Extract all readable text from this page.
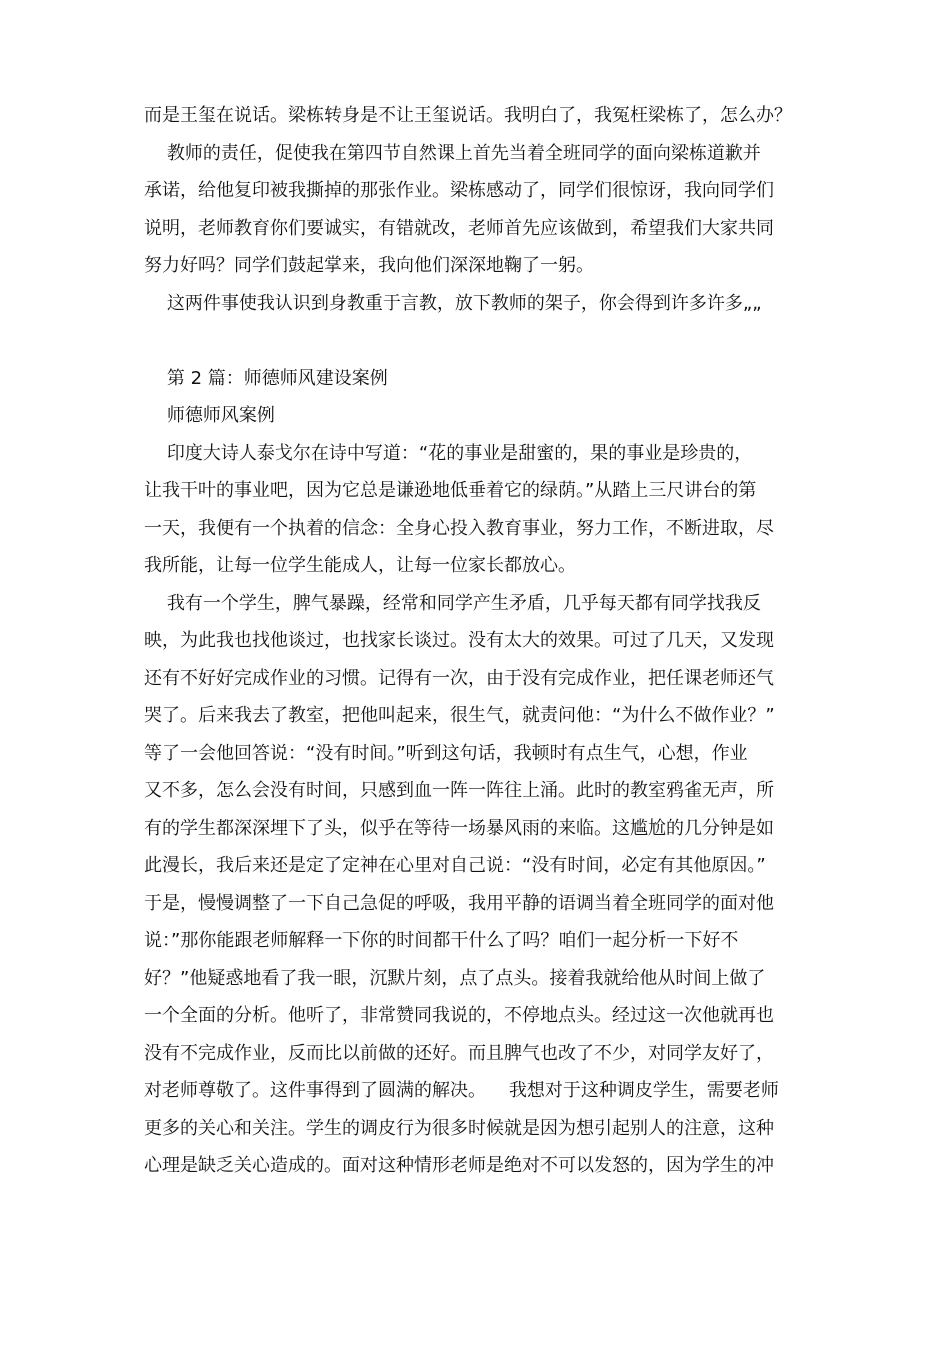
而是王玺在说话。梁栋转身是不让王玺说话。我明白了，我冤枉梁栋了，怎么办？
教师的责任，促使我在第四节自然课上首先当着全班同学的面向梁栋道歉并
承诺，给他复印被我撕掉的那张作业。梁栋感动了，同学们很惊讶，我向同学们
说明，老师教育你们要诚实，有错就改，老师首先应该做到，希望我们大家共同
努力好吗？同学们鼓起掌来，我向他们深深地鞠了一躬。
这两件事使我认识到身教重于言教，放下教师的架子，你会得到许多许多„„
第 2 篇：师德师风建设案例
师德师风案例
印度大诗人泰戈尔在诗中写道：“花的事业是甜蜜的，果的事业是珍贵的，
让我干叶的事业吧，因为它总是谦逊地低垂着它的绿荫。”从踏上三尺讲台的第
一天，我便有一个执着的信念：全身心投入教育事业，努力工作，不断进取，尽
我所能，让每一位学生能成人，让每一位家长都放心。
我有一个学生，脾气暴躁，经常和同学产生矛盾，几乎每天都有同学找我反
映，为此我也找他谈过，也找家长谈过。没有太大的效果。可过了几天，又发现
还有不好好完成作业的习惯。记得有一次，由于没有完成作业，把任课老师还气
哭了。后来我去了教室，把他叫起来，很生气，就责问他：“为什么不做作业？”
等了一会他回答说：“没有时间。”听到这句话，我顿时有点生气，心想，作业
又不多，怎么会没有时间，只感到血一阵一阵往上涌。此时的教室鸦雀无声，所
有的学生都深深埋下了头，似乎在等待一场暴风雨的来临。这尴尬的几分钟是如
此漫长，我后来还是定了定神在心里对自己说：“没有时间，必定有其他原因。”
于是，慢慢调整了一下自己急促的呼吸，我用平静的语调当着全班同学的面对他
说：”那你能跟老师解释一下你的时间都干什么了吗？咱们一起分析一下好不
好？”他疑惑地看了我一眼，沉默片刻，点了点头。接着我就给他从时间上做了
一个全面的分析。他听了，非常赞同我说的，不停地点头。经过这一次他就再也
没有不完成作业，反而比以前做的还好。而且脾气也改了不少，对同学友好了，
对老师尊敬了。这件事得到了圆满的解决。    我想对于这种调皮学生，需要老师
更多的关心和关注。学生的调皮行为很多时候就是因为想引起别人的注意，这种
心理是缺乏关心造成的。面对这种情形老师是绝对不可以发怒的，因为学生的冲
